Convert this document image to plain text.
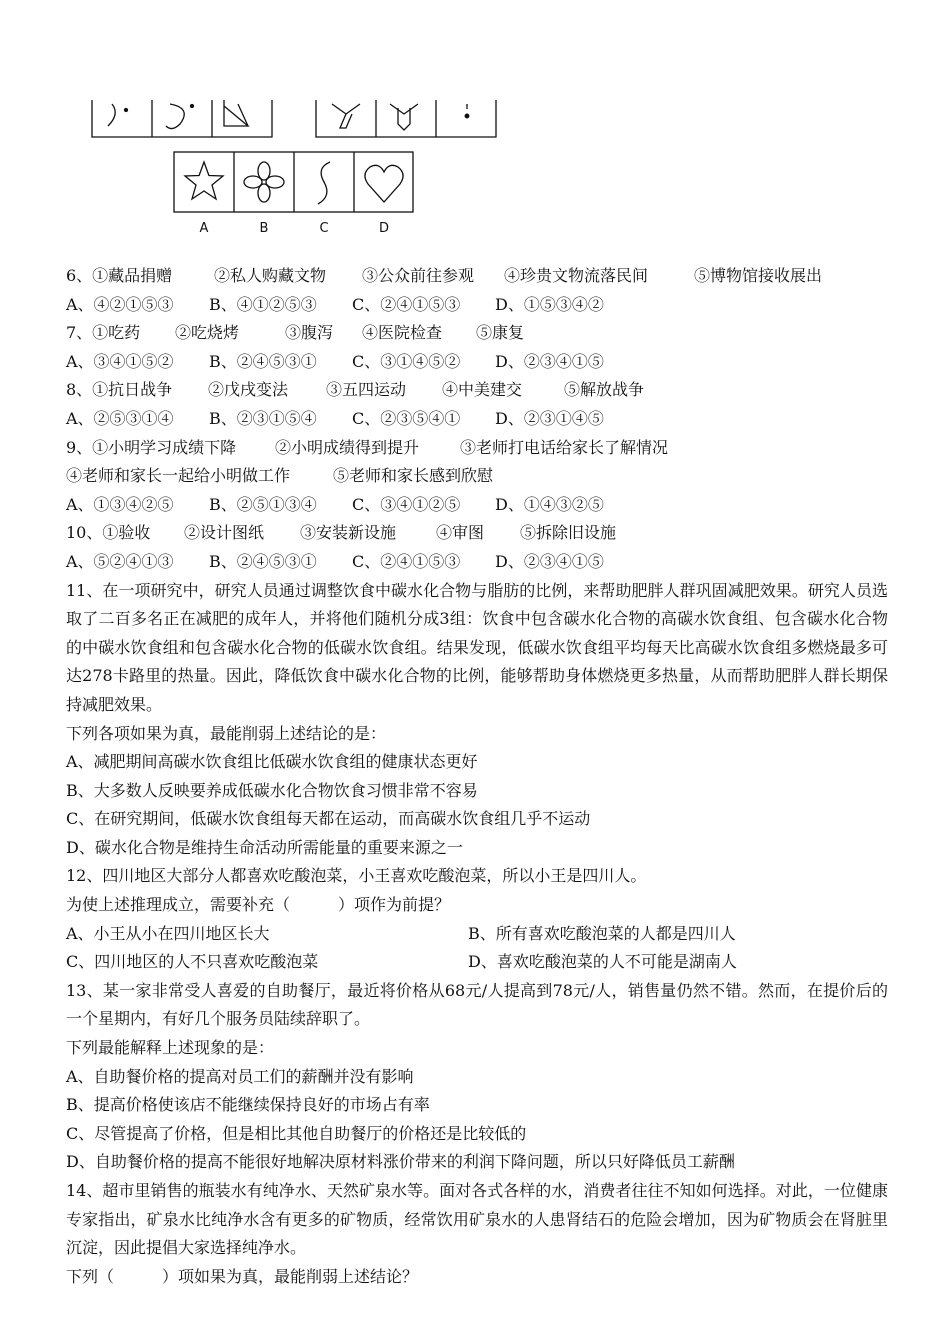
A	B	C	D
6、①藏品捐赠	②私人购藏文物 ③公众前往参观 ④珍贵文物流落民间	⑤博物馆接收展出
A、④②①⑤③ B、④①②⑤③ C、②④①⑤③ D、①⑤③④②
7、①吃药 ②吃烧烤	③腹泻 ④医院检查 ⑤康复
A、③④①⑤② B、②④⑤③① C、③①④⑤② D、②③④①⑤
8、①抗日战争 ②戊戌变法 ③五四运动 ④中美建交	⑤解放战争
A、②⑤③①④ B、②③①⑤④ C、②③⑤④① D、②③①④⑤
9、①小明学习成绩下降 ②小明成绩得到提升	③老师打电话给家长了解情况
④老师和家长一起给小明做工作	⑤老师和家长感到欣慰
A、①③④②⑤ B、②⑤①③④ C、③④①②⑤ D、①④③②⑤
10、①验收 ②设计图纸 ③安装新设施 ④审图 ⑤拆除旧设施
A、⑤②④①③ B、②④⑤③① C、②④①⑤③ D、②③④①⑤
11、在一项研究中，研究人员通过调整饮食中碳水化合物与脂肪的比例，来帮助肥胖人群巩固减肥效果。研究人员选取了二百多名正在减肥的成年人，并将他们随机分成3组：饮食中包含碳水化合物的高碳水饮食组、包含碳水化合物的中碳水饮食组和包含碳水化合物的低碳水饮食组。结果发现，低碳水饮食组平均每天比高碳水饮食组多燃烧最多可达278卡路里的热量。因此，降低饮食中碳水化合物的比例，能够帮助身体燃烧更多热量，从而帮助肥胖人群长期保持减肥效果。
下列各项如果为真，最能削弱上述结论的是：
A、减肥期间高碳水饮食组比低碳水饮食组的健康状态更好
B、大多数人反映要养成低碳水化合物饮食习惯非常不容易
C、在研究期间，低碳水饮食组每天都在运动，而高碳水饮食组几乎不运动
D、碳水化合物是维持生命活动所需能量的重要来源之一
12、四川地区大部分人都喜欢吃酸泡菜，小王喜欢吃酸泡菜，所以小王是四川人。
为使上述推理成立，需要补充（　　　）项作为前提？
A、小王从小在四川地区长大	B、所有喜欢吃酸泡菜的人都是四川人
C、四川地区的人不只喜欢吃酸泡菜	D、喜欢吃酸泡菜的人不可能是湖南人
13、某一家非常受人喜爱的自助餐厅，最近将价格从68元/人提高到78元/人，销售量仍然不错。然而，在提价后的一个星期内，有好几个服务员陆续辞职了。
下列最能解释上述现象的是：
A、自助餐价格的提高对员工们的薪酬并没有影响
B、提高价格使该店不能继续保持良好的市场占有率
C、尽管提高了价格，但是相比其他自助餐厅的价格还是比较低的
D、自助餐价格的提高不能很好地解决原材料涨价带来的利润下降问题，所以只好降低员工薪酬
14、超市里销售的瓶装水有纯净水、天然矿泉水等。面对各式各样的水，消费者往往不知如何选择。对此，一位健康专家指出，矿泉水比纯净水含有更多的矿物质，经常饮用矿泉水的人患肾结石的危险会增加，因为矿物质会在肾脏里沉淀，因此提倡大家选择纯净水。
下列（　　　）项如果为真，最能削弱上述结论？
